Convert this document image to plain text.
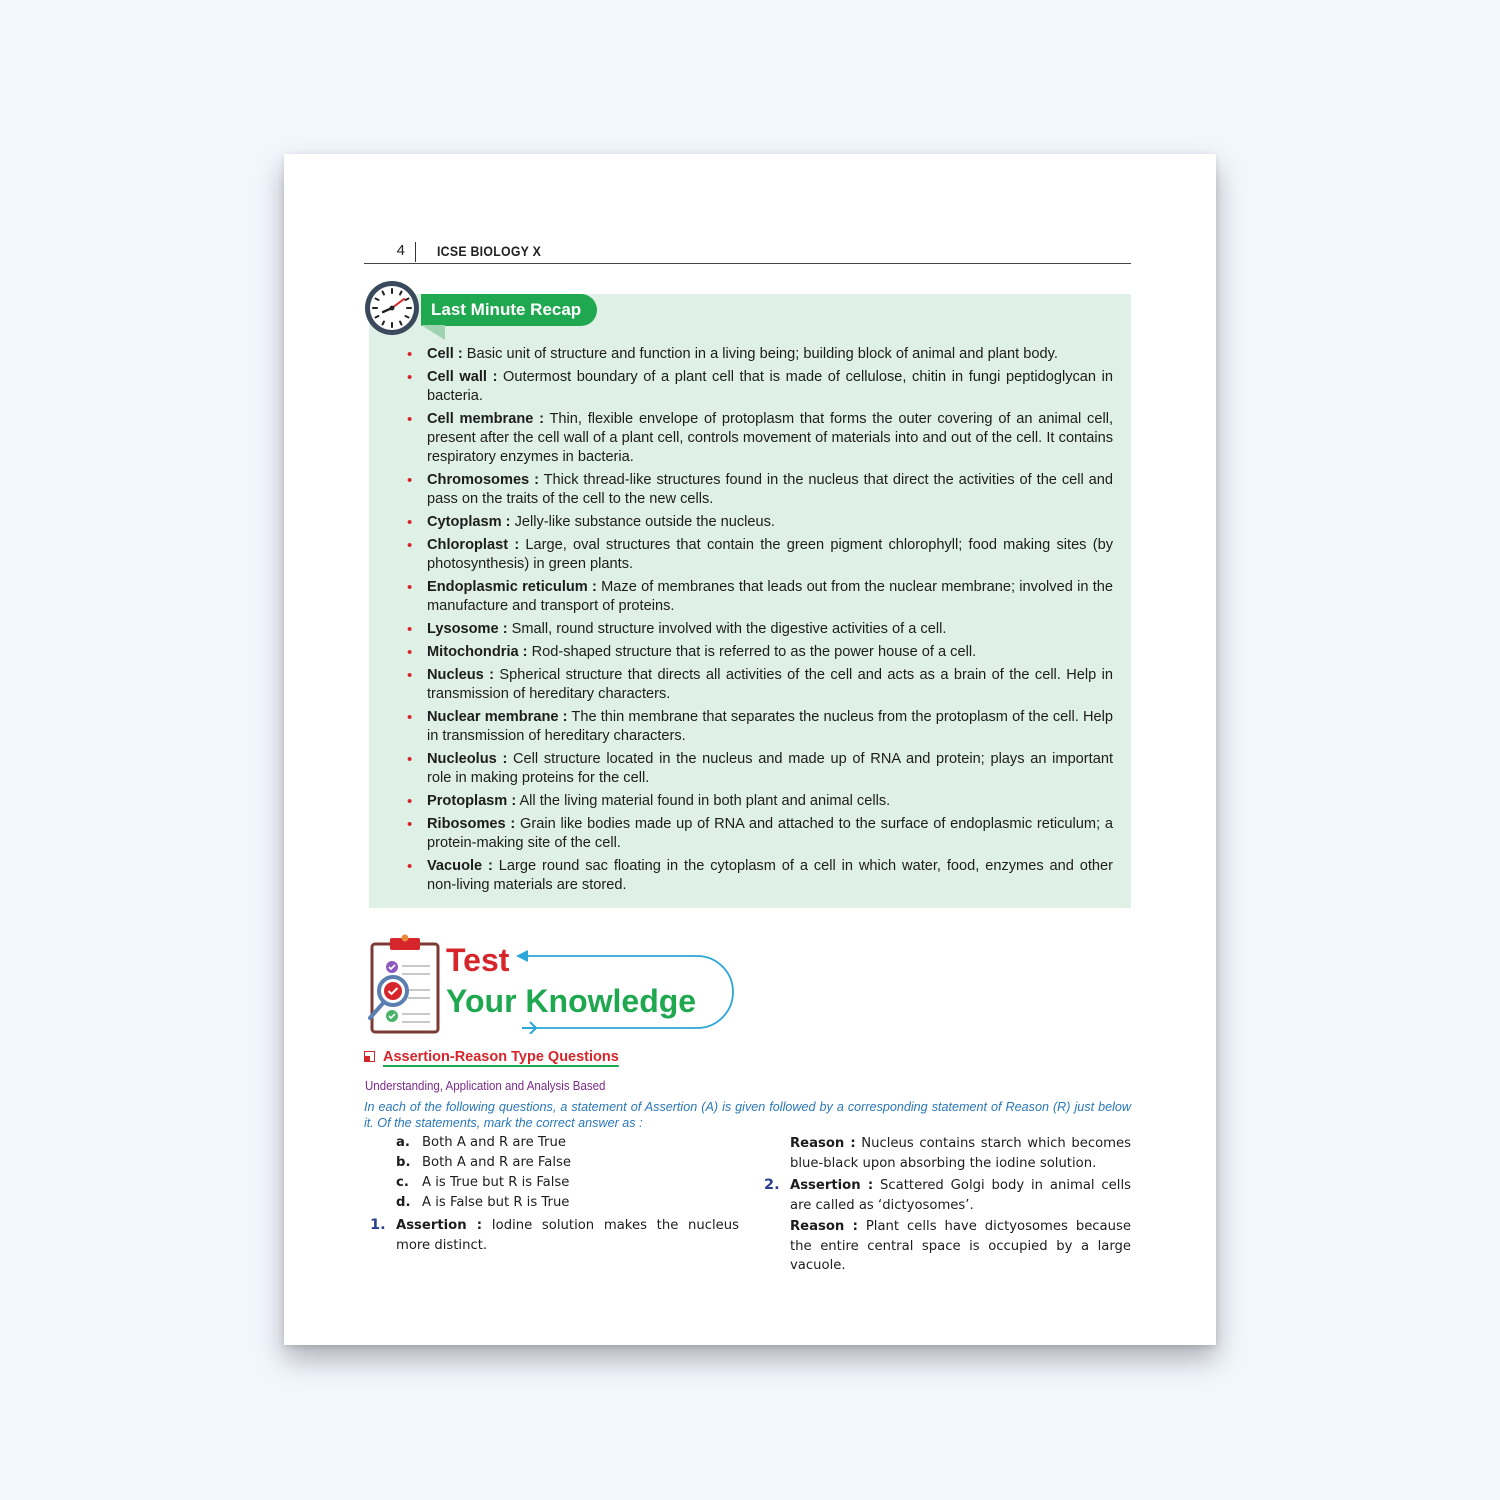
4	ICSE BIOLOGY X
Last Minute Recap
• Cell : Basic unit of structure and function in a living being; building block of animal and plant body.
• Cell wall : Outermost boundary of a plant cell that is made of cellulose, chitin in fungi peptidoglycan in bacteria.
• Cell membrane : Thin, flexible envelope of protoplasm that forms the outer covering of an animal cell, present after the cell wall of a plant cell, controls movement of materials into and out of the cell. It contains respiratory enzymes in bacteria.
• Chromosomes : Thick thread-like structures found in the nucleus that direct the activities of the cell and pass on the traits of the cell to the new cells.
• Cytoplasm : Jelly-like substance outside the nucleus.
• Chloroplast : Large, oval structures that contain the green pigment chlorophyll; food making sites (by photosynthesis) in green plants.
• Endoplasmic reticulum : Maze of membranes that leads out from the nuclear membrane; involved in the manufacture and transport of proteins.
• Lysosome : Small, round structure involved with the digestive activities of a cell.
• Mitochondria : Rod-shaped structure that is referred to as the power house of a cell.
• Nucleus : Spherical structure that directs all activities of the cell and acts as a brain of the cell. Help in transmission of hereditary characters.
• Nuclear membrane : The thin membrane that separates the nucleus from the protoplasm of the cell. Help in transmission of hereditary characters.
• Nucleolus : Cell structure located in the nucleus and made up of RNA and protein; plays an important role in making proteins for the cell.
• Protoplasm : All the living material found in both plant and animal cells.
• Ribosomes : Grain like bodies made up of RNA and attached to the surface of endoplasmic reticulum; a protein-making site of the cell.
• Vacuole : Large round sac floating in the cytoplasm of a cell in which water, food, enzymes and other non-living materials are stored.
Test
Your Knowledge
Assertion-Reason Type Questions
Understanding, Application and Analysis Based
In each of the following questions, a statement of Assertion (A) is given followed by a corresponding statement of Reason (R) just below it. Of the statements, mark the correct answer as :
a. Both A and R are True
b. Both A and R are False
c. A is True but R is False
d. A is False but R is True
1. Assertion : Iodine solution makes the nucleus more distinct.
Reason : Nucleus contains starch which becomes blue-black upon absorbing the iodine solution.
2. Assertion : Scattered Golgi body in animal cells are called as ‘dictyosomes’.
Reason : Plant cells have dictyosomes because the entire central space is occupied by a large vacuole.
